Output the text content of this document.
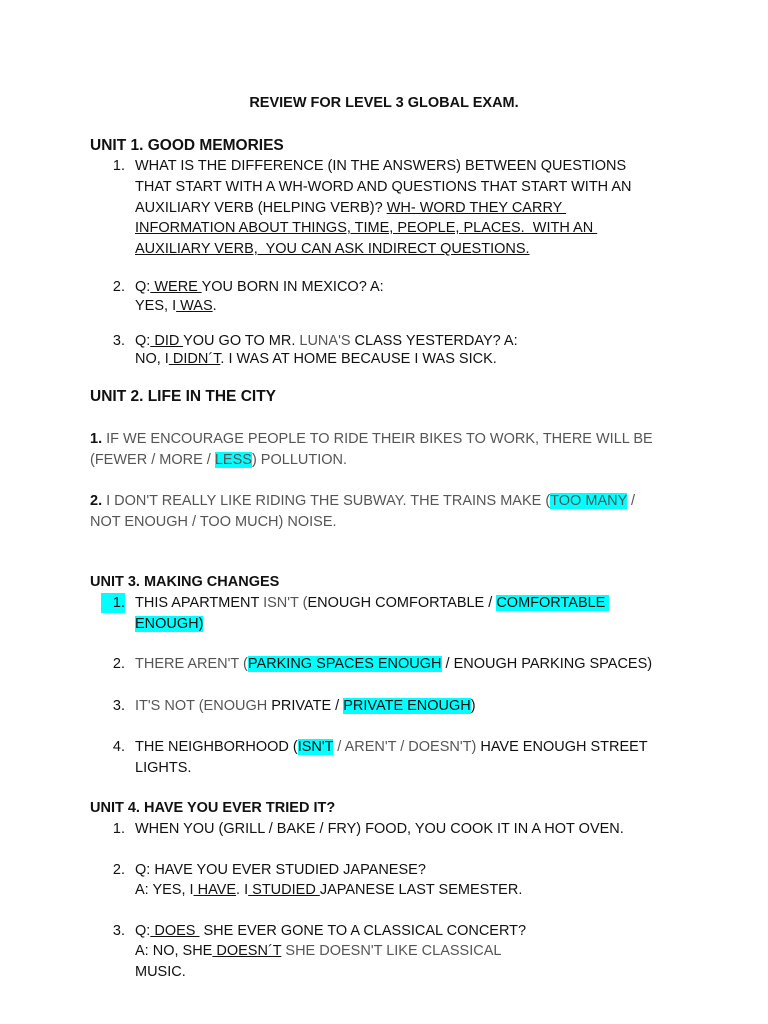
REVIEW FOR LEVEL 3 GLOBAL EXAM.
UNIT 1. GOOD MEMORIES
1. WHAT IS THE DIFFERENCE (IN THE ANSWERS) BETWEEN QUESTIONS
THAT START WITH A WH-WORD AND QUESTIONS THAT START WITH AN
AUXILIARY VERB (HELPING VERB)? WH- WORD THEY CARRY
INFORMATION ABOUT THINGS, TIME, PEOPLE, PLACES.  WITH AN
AUXILIARY VERB,  YOU CAN ASK INDIRECT QUESTIONS.
2. Q: WERE YOU BORN IN MEXICO? A:
YES, I WAS.
3. Q: DID YOU GO TO MR. LUNA'S CLASS YESTERDAY? A:
NO, I DIDN´T. I WAS AT HOME BECAUSE I WAS SICK.
UNIT 2. LIFE IN THE CITY
1. IF WE ENCOURAGE PEOPLE TO RIDE THEIR BIKES TO WORK, THERE WILL BE
(FEWER / MORE / LESS) POLLUTION.
2. I DON'T REALLY LIKE RIDING THE SUBWAY. THE TRAINS MAKE (TOO MANY /
NOT ENOUGH / TOO MUCH) NOISE.
UNIT 3. MAKING CHANGES
1. THIS APARTMENT ISN'T (ENOUGH COMFORTABLE / COMFORTABLE
ENOUGH)
2. THERE AREN'T (PARKING SPACES ENOUGH / ENOUGH PARKING SPACES)
3. IT'S NOT (ENOUGH PRIVATE / PRIVATE ENOUGH)
4. THE NEIGHBORHOOD (ISN'T / AREN'T / DOESN'T) HAVE ENOUGH STREET
LIGHTS.
UNIT 4. HAVE YOU EVER TRIED IT?
1. WHEN YOU (GRILL / BAKE / FRY) FOOD, YOU COOK IT IN A HOT OVEN.
2. Q: HAVE YOU EVER STUDIED JAPANESE?
A: YES, I HAVE. I STUDIED JAPANESE LAST SEMESTER.
3. Q: DOES  SHE EVER GONE TO A CLASSICAL CONCERT?
A: NO, SHE DOESN´T SHE DOESN'T LIKE CLASSICAL
MUSIC.
